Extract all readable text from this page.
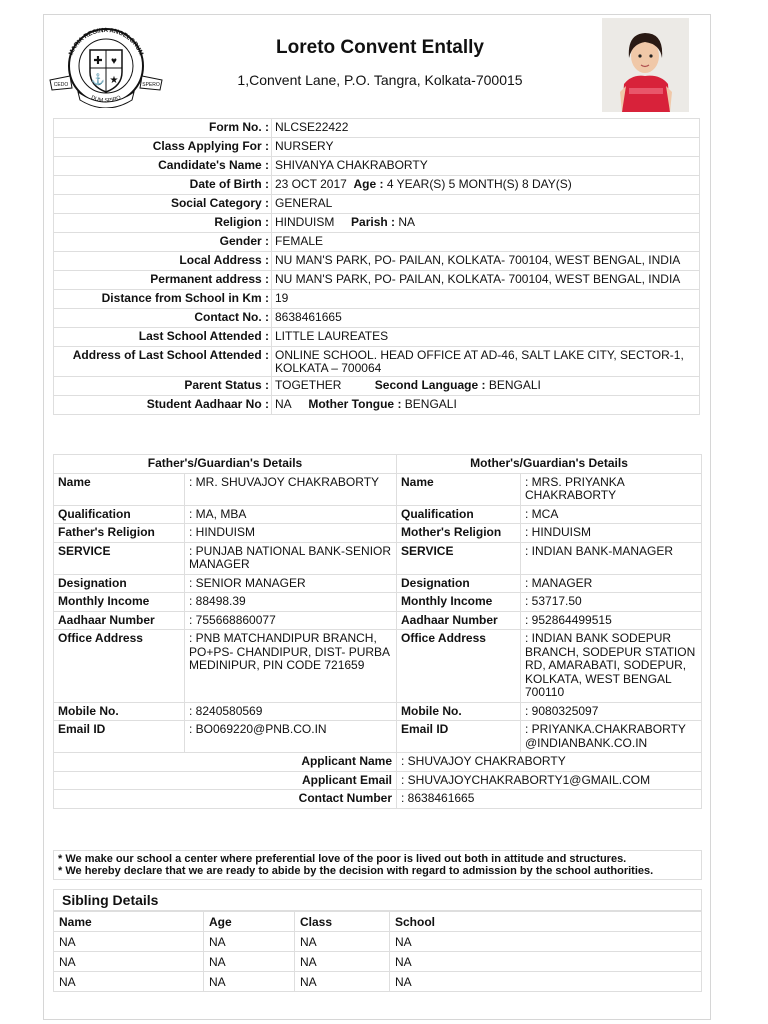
MARIA REGINA ANGELORUM
✚ ♥
⚓ ★
CEDO	SPERO
DUM SPIRO
Loreto Convent Entally
1,Convent Lane, P.O. Tangra, Kolkata-700015
Form No. :	NLCSE22422
Class Applying For :	NURSERY
Candidate's Name :	SHIVANYA CHAKRABORTY
Date of Birth :	23 OCT 2017 Age : 4 YEAR(S) 5 MONTH(S) 8 DAY(S)
Social Category :	GENERAL
Religion :	HINDUISM Parish : NA
Gender :	FEMALE
Local Address :	NU MAN'S PARK, PO- PAILAN, KOLKATA- 700104, WEST BENGAL, INDIA
Permanent address :	NU MAN'S PARK, PO- PAILAN, KOLKATA- 700104, WEST BENGAL, INDIA
Distance from School in Km :	19
Contact No. :	8638461665
Last School Attended :	LITTLE LAUREATES
Address of Last School Attended :	ONLINE SCHOOL. HEAD OFFICE AT AD-46, SALT LAKE CITY, SECTOR-1, KOLKATA – 700064
Parent Status :	TOGETHER Second Language : BENGALI
Student Aadhaar No :	NA Mother Tongue : BENGALI
Father's/Guardian's Details		Mother's/Guardian's Details	
Name	: MR. SHUVAJOY CHAKRABORTY	Name	: MRS. PRIYANKA CHAKRABORTY
Qualification	: MA, MBA	Qualification	: MCA
Father's Religion	: HINDUISM	Mother's Religion	: HINDUISM
SERVICE	: PUNJAB NATIONAL BANK-SENIOR MANAGER	SERVICE	: INDIAN BANK-MANAGER
Designation	: SENIOR MANAGER	Designation	: MANAGER
Monthly Income	: 88498.39	Monthly Income	: 53717.50
Aadhaar Number	: 755668860077	Aadhaar Number	: 952864499515
Office Address	: PNB MATCHANDIPUR BRANCH, PO+PS- CHANDIPUR, DIST- PURBA MEDINIPUR, PIN CODE 721659	Office Address	: INDIAN BANK SODEPUR BRANCH, SODEPUR STATION RD, AMARABATI, SODEPUR, KOLKATA, WEST BENGAL 700110
Mobile No.	: 8240580569	Mobile No.	: 9080325097
Email ID	: BO069220@PNB.CO.IN	Email ID	: PRIYANKA.CHAKRABORTY @INDIANBANK.CO.IN
Applicant Name		: SHUVAJOY CHAKRABORTY	
Applicant Email		: SHUVAJOYCHAKRABORTY1@GMAIL.COM	
Contact Number		: 8638461665	
* We make our school a center where preferential love of the poor is lived out both in attitude and structures.
* We hereby declare that we are ready to abide by the decision with regard to admission by the school authorities.
Sibling Details
Name	Age	Class	School
NA	NA	NA	NA
NA	NA	NA	NA
NA	NA	NA	NA
